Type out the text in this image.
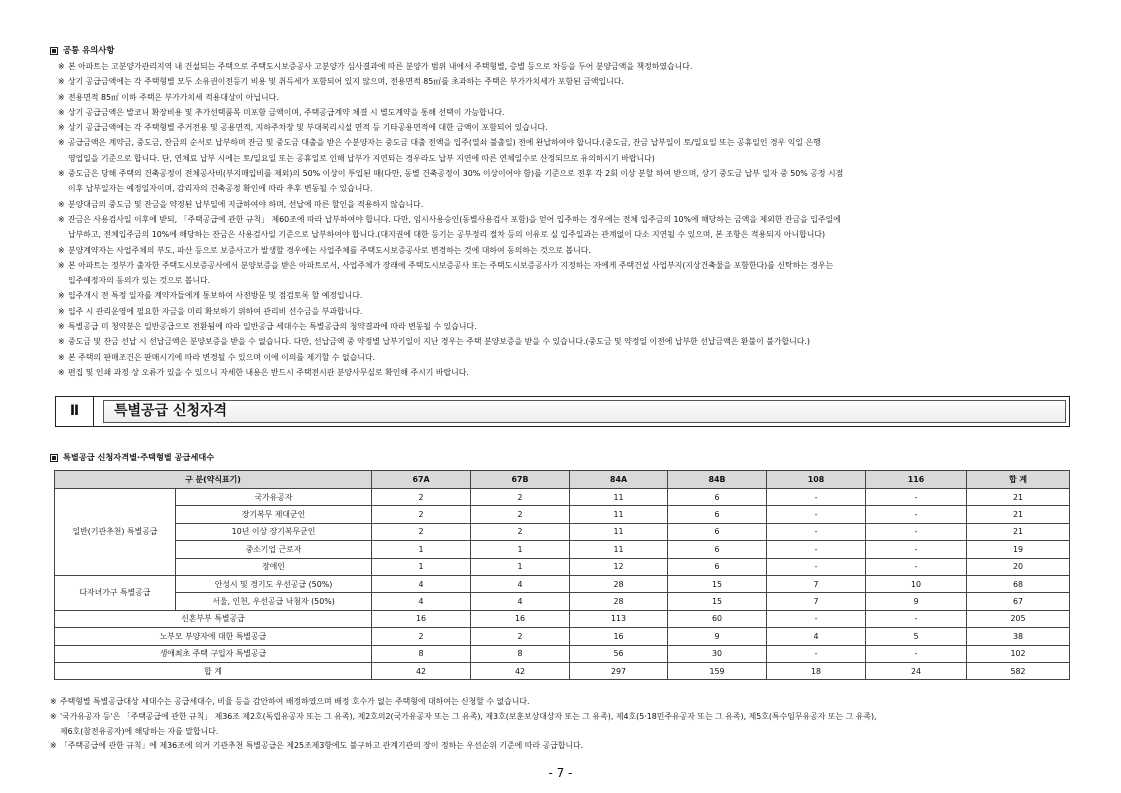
공통 유의사항
※ 본 아파트는 고분양가관리지역 내 건설되는 주택으로 주택도시보증공사 고분양가 심사결과에 따른 분양가 범위 내에서 주택형별, 층별 등으로 차등을 두어 분양금액을 책정하였습니다.
※ 상기 공급금액에는 각 주택형별 모두 소유권이전등기 비용 및 취득세가 포함되어 있지 않으며, 전용면적 85㎡를 초과하는 주택은 부가가치세가 포함된 금액입니다.
※ 전용면적 85㎡ 이하 주택은 부가가치세 적용대상이 아닙니다.
※ 상기 공급금액은 발코니 확장비용 및 추가선택품목 미포함 금액이며, 주택공급계약 체결 시 별도계약을 통해 선택이 가능합니다.
※ 상기 공급금액에는 각 주택형별 주거전용 및 공용면적, 지하주차장 및 부대복리시설 면적 등 기타공용면적에 대한 금액이 포함되어 있습니다.
※ 공급금액은 계약금, 중도금, 잔금의 순서로 납부하며 잔금 및 중도금 대출을 받은 수분양자는 중도금 대출 전액을 입주(열쇠 불출일) 전에 완납하여야 합니다.(중도금, 잔금 납부일이 토/일요일 또는 공휴일인 경우 익일 은행
영업일을 기준으로 합니다. 단, 연체료 납부 시에는 토/일요일 또는 공휴일로 인해 납부가 지연되는 경우라도 납부 지연에 따른 연체일수로 산정되므로 유의하시기 바랍니다)
※ 중도금은 당해 주택의 건축공정이 전체공사비(부지매입비를 제외)의 50% 이상이 투입된 때(다만, 동별 건축공정이 30% 이상이어야 함)를 기준으로 전후 각 2회 이상 분할 하여 받으며, 상기 중도금 납부 일자 중 50% 공정 시점
이후 납부일자는 예정일자이며, 감리자의 건축공정 확인에 따라 추후 변동될 수 있습니다.
※ 분양대금의 중도금 및 잔금을 약정된 납부일에 지급하여야 하며, 선납에 따른 할인을 적용하지 않습니다.
※ 잔금은 사용검사일 이후에 받되, 「주택공급에 관한 규칙」 제60조에 따라 납부하여야 합니다. 다만, 임시사용승인(동별사용검사 포함)을 얻어 입주하는 경우에는 전체 입주금의 10%에 해당하는 금액을 제외한 잔금을 입주일에
납부하고, 전체입주금의 10%에 해당하는 잔금은 사용검사일 기준으로 납부하여야 합니다.(대지권에 대한 등기는 공부정리 절차 등의 이유로 실 입주일과는 관계없이 다소 지연될 수 있으며, 본 조항은 적용되지 아니합니다)
※ 분양계약자는 사업주체의 부도, 파산 등으로 보증사고가 발생할 경우에는 사업주체를 주택도시보증공사로 변경하는 것에 대하여 동의하는 것으로 봅니다.
※ 본 아파트는 정부가 출자한 주택도시보증공사에서 분양보증을 받은 아파트로서, 사업주체가 장래에 주택도시보증공사 또는 주택도시보증공사가 지정하는 자에게 주택건설 사업부지(지상건축물을 포함한다)를 신탁하는 경우는
입주예정자의 동의가 있는 것으로 봅니다.
※ 입주개시 전 특정 일자를 계약자들에게 통보하여 사전방문 및 점검토록 할 예정입니다.
※ 입주 시 관리운영에 필요한 자금을 미리 확보하기 위하여 관리비 선수금을 부과합니다.
※ 특별공급 미 청약분은 일반공급으로 전환됨에 따라 일반공급 세대수는 특별공급의 청약결과에 따라 변동될 수 있습니다.
※ 중도금 및 잔금 선납 시 선납금액은 분양보증을 받을 수 없습니다. 다만, 선납금액 중 약정별 납부기일이 지난 경우는 주택 분양보증을 받을 수 있습니다.(중도금 및 약정일 이전에 납부한 선납금액은 환불이 불가합니다.)
※ 본 주택의 판매조건은 판매시기에 따라 변경될 수 있으며 이에 이의를 제기할 수 없습니다.
※ 편집 및 인쇄 과정 상 오류가 있을 수 있으니 자세한 내용은 반드시 주택전시관 분양사무실로 확인해 주시기 바랍니다.
Ⅱ	특별공급 신청자격
특별공급 신청자격별·주택형별 공급세대수
구 분(약식표기)		67A	67B	84A	84B	108	116	합 계
일반(기관추천) 특별공급	국가유공자	2	2	11	6	-	-	21
	장기복무 제대군인	2	2	11	6	-	-	21
	10년 이상 장기복무군인	2	2	11	6	-	-	21
	중소기업 근로자	1	1	11	6	-	-	19
	장애인	1	1	12	6	-	-	20
다자녀가구 특별공급	안성시 및 경기도 우선공급 (50%)	4	4	28	15	7	10	68
	서울, 인천, 우선공급 낙첨자 (50%)	4	4	28	15	7	9	67
신혼부부 특별공급		16	16	113	60	-	-	205
노부모 부양자에 대한 특별공급		2	2	16	9	4	5	38
생애최초 주택 구입자 특별공급		8	8	56	30	-	-	102
합 계		42	42	297	159	18	24	582
※ 주택형별 특별공급대상 세대수는 공급세대수, 비율 등을 감안하여 배정하였으며 배정 호수가 없는 주택형에 대하여는 신청할 수 없습니다.
※ '국가유공자 등'은 「주택공급에 관한 규칙」 제36조 제2호(독립유공자 또는 그 유족), 제2호의2(국가유공자 또는 그 유족), 제3호(보훈보상대상자 또는 그 유족), 제4호(5·18민주유공자 또는 그 유족), 제5호(특수임무유공자 또는 그 유족),
제6호(참전유공자)에 해당하는 자를 말합니다.
※ 「주택공급에 관한 규칙」에 제36조에 의거 기관추천 특별공급은 제25조제3항에도 불구하고 관계기관의 장이 정하는 우선순위 기준에 따라 공급합니다.
- 7 -
